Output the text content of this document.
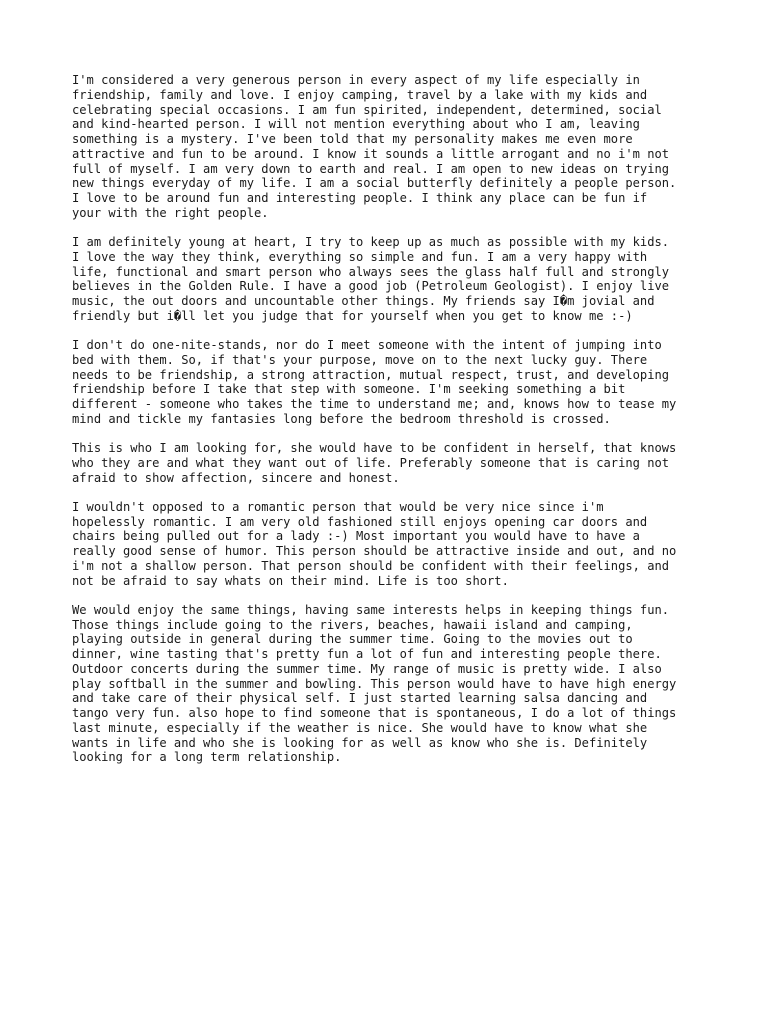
I'm considered a very generous person in every aspect of my life especially in
friendship, family and love. I enjoy camping, travel by a lake with my kids and
celebrating special occasions. I am fun spirited, independent, determined, social
and kind-hearted person. I will not mention everything about who I am, leaving
something is a mystery. I've been told that my personality makes me even more
attractive and fun to be around. I know it sounds a little arrogant and no i'm not
full of myself. I am very down to earth and real. I am open to new ideas on trying
new things everyday of my life. I am a social butterfly definitely a people person.
I love to be around fun and interesting people. I think any place can be fun if
your with the right people.

I am definitely young at heart, I try to keep up as much as possible with my kids.
I love the way they think, everything so simple and fun. I am a very happy with
life, functional and smart person who always sees the glass half full and strongly
believes in the Golden Rule. I have a good job (Petroleum Geologist). I enjoy live
music, the out doors and uncountable other things. My friends say I�m jovial and
friendly but i�ll let you judge that for yourself when you get to know me :-)

I don't do one-nite-stands, nor do I meet someone with the intent of jumping into
bed with them. So, if that's your purpose, move on to the next lucky guy. There
needs to be friendship, a strong attraction, mutual respect, trust, and developing
friendship before I take that step with someone. I'm seeking something a bit
different - someone who takes the time to understand me; and, knows how to tease my
mind and tickle my fantasies long before the bedroom threshold is crossed.

This is who I am looking for, she would have to be confident in herself, that knows
who they are and what they want out of life. Preferably someone that is caring not
afraid to show affection, sincere and honest.

I wouldn't opposed to a romantic person that would be very nice since i'm
hopelessly romantic. I am very old fashioned still enjoys opening car doors and
chairs being pulled out for a lady :-) Most important you would have to have a
really good sense of humor. This person should be attractive inside and out, and no
i'm not a shallow person. That person should be confident with their feelings, and
not be afraid to say whats on their mind. Life is too short.

We would enjoy the same things, having same interests helps in keeping things fun.
Those things include going to the rivers, beaches, hawaii island and camping,
playing outside in general during the summer time. Going to the movies out to
dinner, wine tasting that's pretty fun a lot of fun and interesting people there.
Outdoor concerts during the summer time. My range of music is pretty wide. I also
play softball in the summer and bowling. This person would have to have high energy
and take care of their physical self. I just started learning salsa dancing and
tango very fun. also hope to find someone that is spontaneous, I do a lot of things
last minute, especially if the weather is nice. She would have to know what she
wants in life and who she is looking for as well as know who she is. Definitely
looking for a long term relationship.
